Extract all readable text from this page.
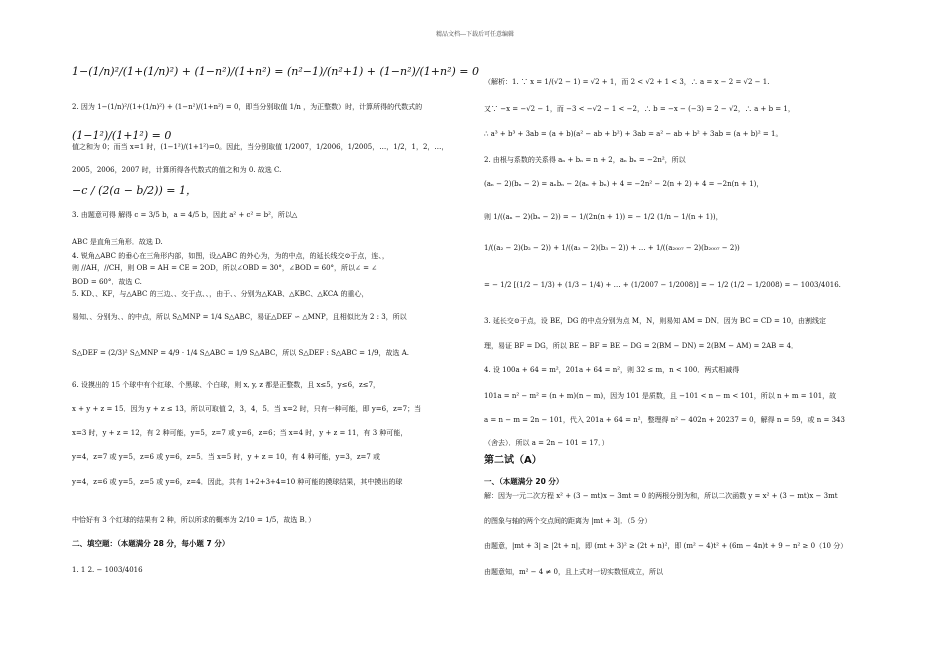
精品文档---下载后可任意编辑
1−(1/n)²/(1+(1/n)²) + (1−n²)/(1+n²) = (n²−1)/(n²+1) + (1−n²)/(1+n²) = 0
2. 因为 1−(1/n)²/(1+(1/n)²) + (1−n²)/(1+n²) = 0，即当分别取值 1/n ，为正整数）时，计算所得的代数式的
(1−1²)/(1+1²) = 0
值之和为 0；而当 x=1 时，(1−1²)/(1+1²)=0。因此，当分别取值 1/2007，1/2006，1/2005，…，1/2，1，2，…，
2005，2006，2007 时，计算所得各代数式的值之和为 0. 故选 C.
−c / (2(a − b/2)) = 1，
3. 由题意可得 解得 c = 3/5 b，a = 4/5 b，因此 a² + c² = b²，所以△
ABC 是直角三角形．故选 D.
4. 锐角△ABC 的垂心在三角形内部，如图，设△ABC 的外心为，为的中点，的延长线交⊙于点，连、，
则 //AH，//CH，则 OB = AH = CE = 2OD，所以∠OBD = 30°，∠BOD = 60°，所以∠ = ∠
BOD = 60°．故选 C.
5. KD、、KF，与△ABC 的三边、、交于点、、，由于、、分别为△KAB、△KBC、△KCA 的重心，
易知、、分别为、、的中点，所以 S△MNP = 1/4 S△ABC，易证△DEF ∽ △MNP，且相似比为 2 : 3，所以
S△DEF = (2/3)² S△MNP = 4/9 · 1/4 S△ABC = 1/9 S△ABC，所以 S△DEF : S△ABC = 1/9，故选 A.
6. 设摸出的 15 个球中有个红球、个黑球、个白球，则 x, y, z 都是正整数，且 x≤5，y≤6，z≤7，
x + y + z = 15．因为 y + z ≤ 13，所以可取值 2，3，4，5．当 x=2 时，只有一种可能，即 y=6，z=7；当
x=3 时，y + z = 12，有 2 种可能，y=5，z=7 或 y=6，z=6；当 x=4 时，y + z = 11，有 3 种可能，
y=4，z=7 或 y=5，z=6 或 y=6，z=5．当 x=5 时，y + z = 10，有 4 种可能，y=3，z=7 或
y=4，z=6 或 y=5，z=5 或 y=6，z=4．因此，共有 1+2+3+4=10 种可能的摸球结果，其中摸出的球
中恰好有 3 个红球的结果有 2 种，所以所求的概率为 2/10 = 1/5，故选 B．）
二、填空题：（本题满分 28 分，每小题 7 分）
1. 1 2. − 1003/4016
（解析：1. ∵ x = 1/(√2 − 1) = √2 + 1，而 2 < √2 + 1 < 3，∴ a = x − 2 = √2 − 1.
又∵ −x = −√2 − 1，而 −3 < −√2 − 1 < −2，∴ b = −x − (−3) = 2 − √2，∴ a + b = 1，
∴ a³ + b³ + 3ab = (a + b)(a² − ab + b²) + 3ab = a² − ab + b² + 3ab = (a + b)² = 1。
2. 由根与系数的关系得 aₙ + bₙ = n + 2，aₙ bₙ = −2n²，所以
(aₙ − 2)(bₙ − 2) = aₙbₙ − 2(aₙ + bₙ) + 4 = −2n² − 2(n + 2) + 4 = −2n(n + 1)，
则 1/((aₙ − 2)(bₙ − 2)) = − 1/(2n(n + 1)) = − 1/2 (1/n − 1/(n + 1))，
1/((a₂ − 2)(b₂ − 2)) + 1/((a₃ − 2)(b₃ − 2)) + … + 1/((a₂₀₀₇ − 2)(b₂₀₀₇ − 2))
= − 1/2 [(1/2 − 1/3) + (1/3 − 1/4) + … + (1/2007 − 1/2008)] = − 1/2 (1/2 − 1/2008) = − 1003/4016.
3. 延长交⊙于点，设 BE，DG 的中点分别为点 M，N，则易知 AM = DN．因为 BC = CD = 10，由割线定
理，易证 BF = DG，所以 BE − BF = BE − DG = 2(BM − DN) = 2(BM − AM) = 2AB = 4．
4. 设 100a + 64 = m²，201a + 64 = n²，则 32 ≤ m，n < 100．两式相减得
101a = n² − m² = (n + m)(n − m)，因为 101 是质数，且 −101 < n − m < 101，所以 n + m = 101，故
a = n − m = 2n − 101，代入 201a + 64 = n²，整理得 n² − 402n + 20237 = 0，解得 n = 59，或 n = 343
（舍去）．所以 a = 2n − 101 = 17．）
第二试（A）
一、（本题满分 20 分）
解：因为一元二次方程 x² + (3 − mt)x − 3mt = 0 的两根分别为和，所以二次函数 y = x² + (3 − mt)x − 3mt
的图象与轴的两个交点间的距离为 |mt + 3|．（5 分）
由题意，|mt + 3| ≥ |2t + n|，即 (mt + 3)² ≥ (2t + n)²，即 (m² − 4)t² + (6m − 4n)t + 9 − n² ≥ 0（10 分）
由题意知，m² − 4 ≠ 0，且上式对一切实数恒成立，所以
